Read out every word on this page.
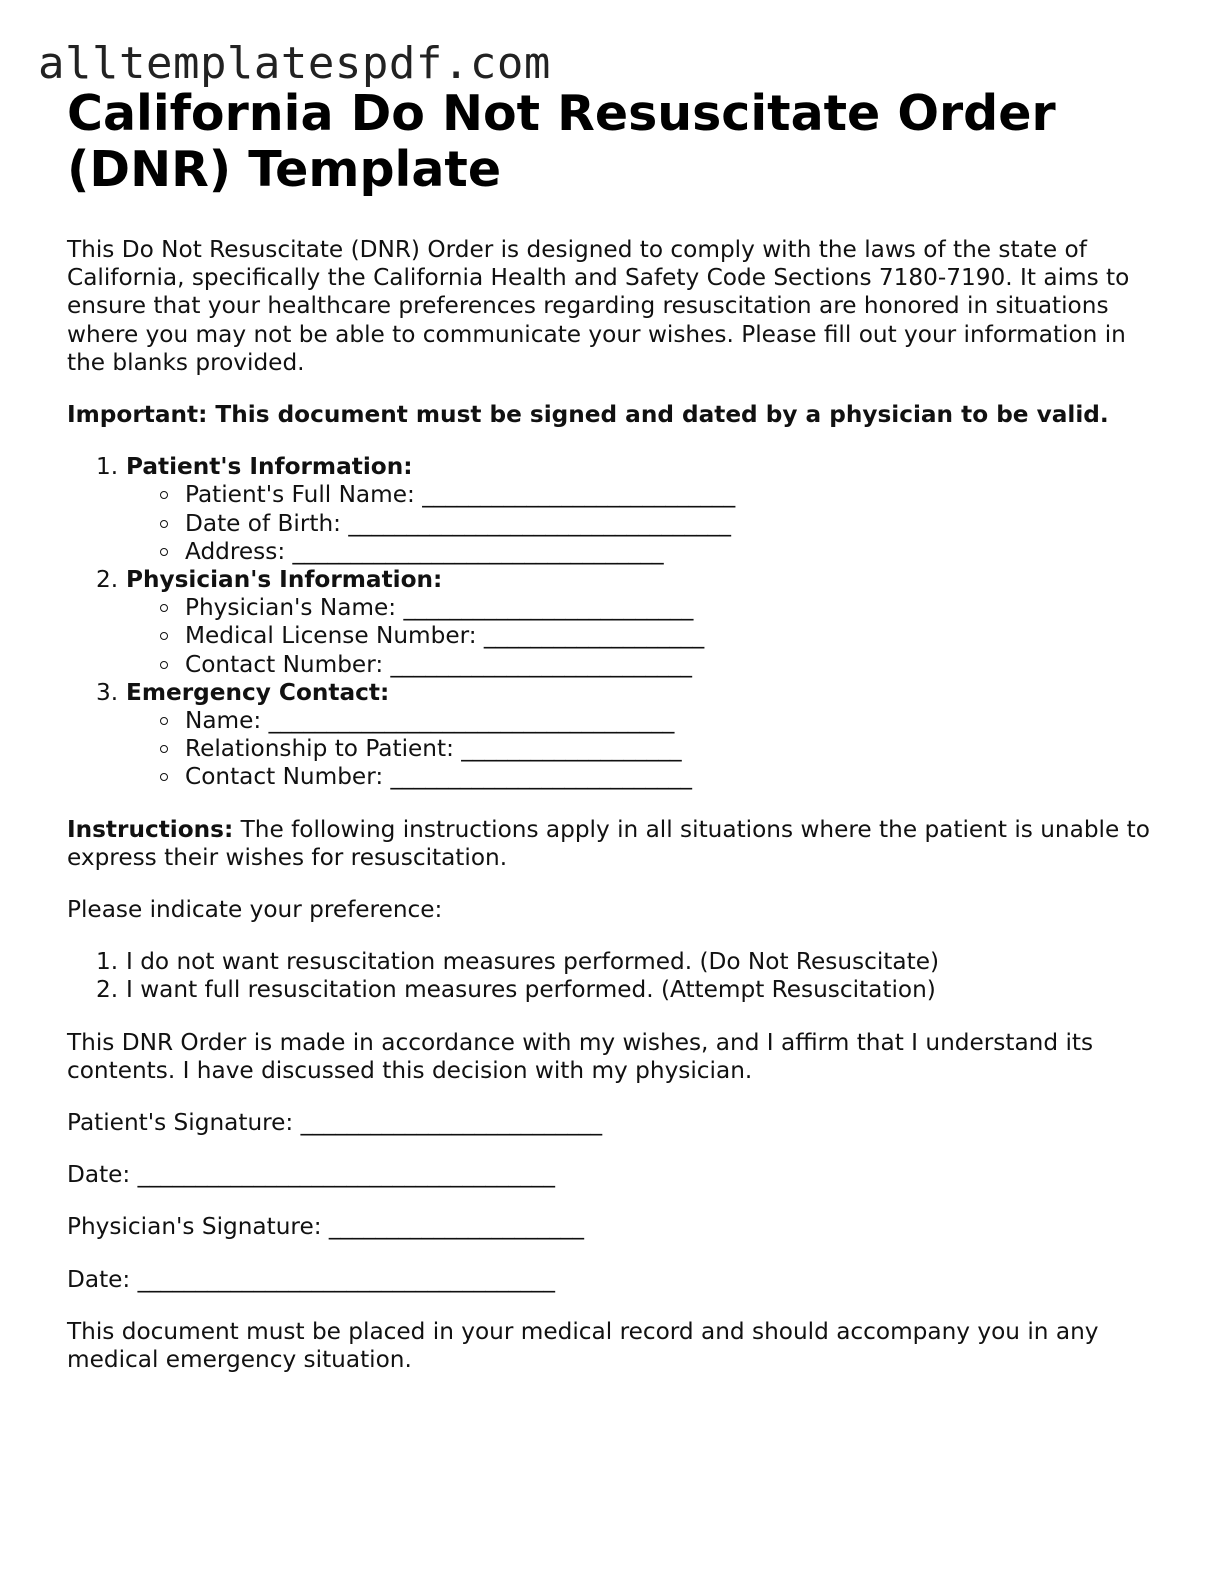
alltemplatespdf.com
California Do Not Resuscitate Order (DNR) Template

This Do Not Resuscitate (DNR) Order is designed to comply with the laws of the state of California, specifically the California Health and Safety Code Sections 7180-7190. It aims to ensure that your healthcare preferences regarding resuscitation are honored in situations where you may not be able to communicate your wishes. Please fill out your information in the blanks provided.

Important: This document must be signed and dated by a physician to be valid.

1. Patient's Information:
Patient's Full Name: ___________________________
Date of Birth: _________________________________
Address: ________________________________
2. Physician's Information:
Physician's Name: _________________________
Medical License Number: ___________________
Contact Number: __________________________
3. Emergency Contact:
Name: ___________________________________
Relationship to Patient: ___________________
Contact Number: __________________________

Instructions: The following instructions apply in all situations where the patient is unable to express their wishes for resuscitation.

Please indicate your preference:

1. I do not want resuscitation measures performed. (Do Not Resuscitate)
2. I want full resuscitation measures performed. (Attempt Resuscitation)

This DNR Order is made in accordance with my wishes, and I affirm that I understand its contents. I have discussed this decision with my physician.

Patient's Signature: __________________________

Date: ____________________________________

Physician's Signature: ______________________

Date: ____________________________________

This document must be placed in your medical record and should accompany you in any medical emergency situation.
